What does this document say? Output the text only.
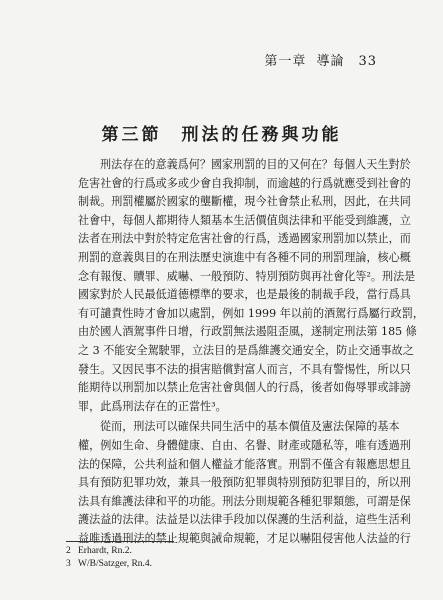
第一章 導論 33
第三節　刑法的任務與功能
刑法存在的意義爲何？國家刑罰的目的又何在？每個人天生對於
危害社會的行爲或多或少會自我抑制，而逾越的行爲就應受到社會的
制裁。刑罰權屬於國家的壟斷權，現今社會禁止私刑，因此，在共同
社會中，每個人都期待人類基本生活價值與法律和平能受到維護，立
法者在刑法中對於特定危害社會的行爲，透過國家刑罰加以禁止，而
刑罰的意義與目的在刑法歷史演進中有各種不同的刑罰理論，核心概
念有報復、贖罪、威嚇、一般預防、特別預防與再社會化等²。刑法是
國家對於人民最低道德標準的要求，也是最後的制裁手段，當行爲具
有可譴責性時才會加以處罰，例如 1999 年以前的酒駕行爲屬行政罰，
由於國人酒駕事件日增，行政罰無法遏阻歪風，遂制定刑法第 185 條
之 3 不能安全駕駛罪，立法目的是爲維護交通安全，防止交通事故之
發生。又因民事不法的損害賠償對富人而言，不具有警惕性，所以只
能期待以刑罰加以禁止危害社會與個人的行爲，後者如侮辱罪或誹謗
罪，此爲刑法存在的正當性³。
從而，刑法可以確保共同生活中的基本價值及憲法保障的基本
權，例如生命、身體健康、自由、名譽、財產或隱私等，唯有透過刑
法的保障，公共利益和個人權益才能落實。刑罰不僅含有報應思想且
具有預防犯罪功效，兼具一般預防犯罪與特別預防犯罪目的，所以刑
法具有維護法律和平的功能。刑法分則規範各種犯罪類態，可謂是保
護法益的法律。法益是以法律手段加以保護的生活利益，這些生活利
益唯透過刑法的禁止規範與誡命規範，才足以嚇阻侵害他人法益的行
2 Erhardt, Rn.2.
3 W/B/Satzger, Rn.4.
